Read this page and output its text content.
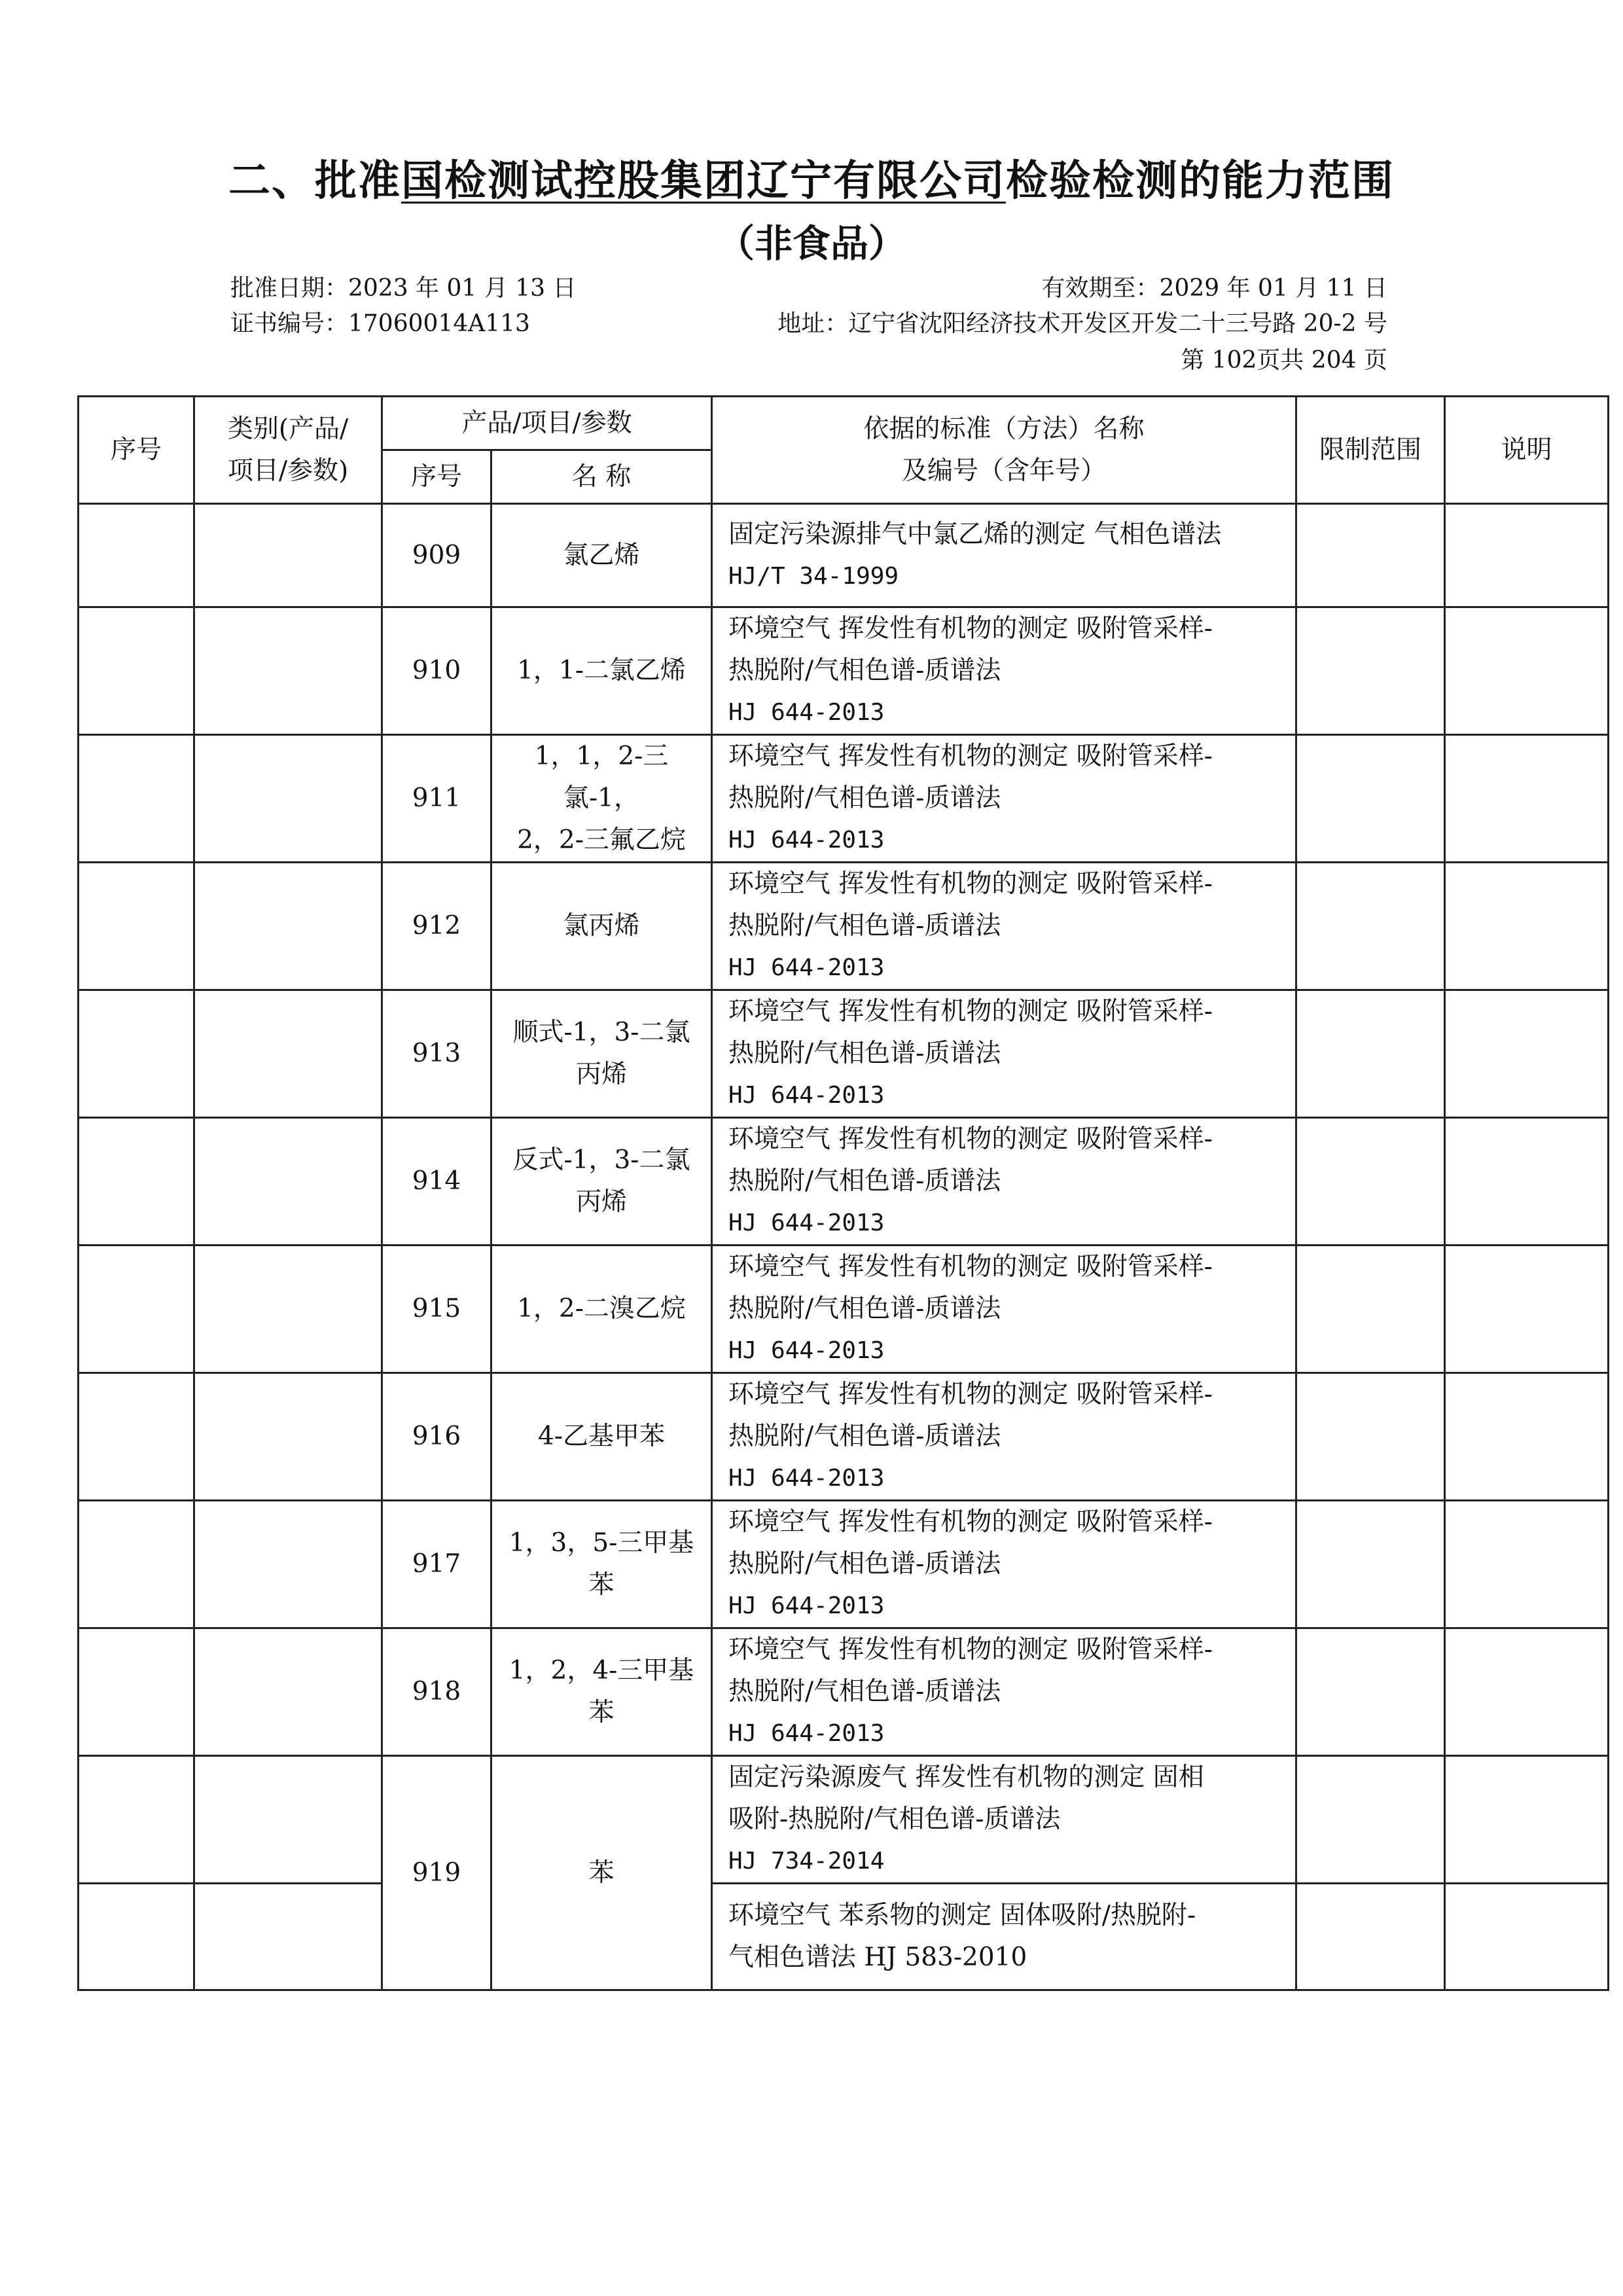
二、批准国检测试控股集团辽宁有限公司检验检测的能力范围
（非食品）
批准日期：2023 年 01 月 13 日	有效期至：2029 年 01 月 11 日
证书编号：17060014A113	地址：辽宁省沈阳经济技术开发区开发二十三号路 20-2 号
第 102页共 204 页
序号	类别(产品/
项目/参数)	产品/项目/参数		依据的标准（方法）名称
及编号（含年号）	限制范围	说明
		序号	名 称			
		909	氯乙烯	固定污染源排气中氯乙烯的测定 气相色谱法
HJ/T 34-1999		

		910	1，1-二氯乙烯	环境空气 挥发性有机物的测定 吸附管采样-
热脱附/气相色谱-质谱法
HJ 644-2013		

		911	1，1，2-三氯-1，
2，2-三氟乙烷	环境空气 挥发性有机物的测定 吸附管采样-
热脱附/气相色谱-质谱法
HJ 644-2013		

		912	氯丙烯	环境空气 挥发性有机物的测定 吸附管采样-
热脱附/气相色谱-质谱法
HJ 644-2013		

		913	顺式-1，3-二氯
丙烯	环境空气 挥发性有机物的测定 吸附管采样-
热脱附/气相色谱-质谱法
HJ 644-2013		

		914	反式-1，3-二氯
丙烯	环境空气 挥发性有机物的测定 吸附管采样-
热脱附/气相色谱-质谱法
HJ 644-2013		

		915	1，2-二溴乙烷	环境空气 挥发性有机物的测定 吸附管采样-
热脱附/气相色谱-质谱法
HJ 644-2013		

		916	4-乙基甲苯	环境空气 挥发性有机物的测定 吸附管采样-
热脱附/气相色谱-质谱法
HJ 644-2013		

		917	1，3，5-三甲基
苯	环境空气 挥发性有机物的测定 吸附管采样-
热脱附/气相色谱-质谱法
HJ 644-2013		

		918	1，2，4-三甲基
苯	环境空气 挥发性有机物的测定 吸附管采样-
热脱附/气相色谱-质谱法
HJ 644-2013		

		919	苯	固定污染源废气 挥发性有机物的测定 固相
吸附-热脱附/气相色谱-质谱法
HJ 734-2014		

				环境空气 苯系物的测定 固体吸附/热脱附-
气相色谱法 HJ 583-2010		
